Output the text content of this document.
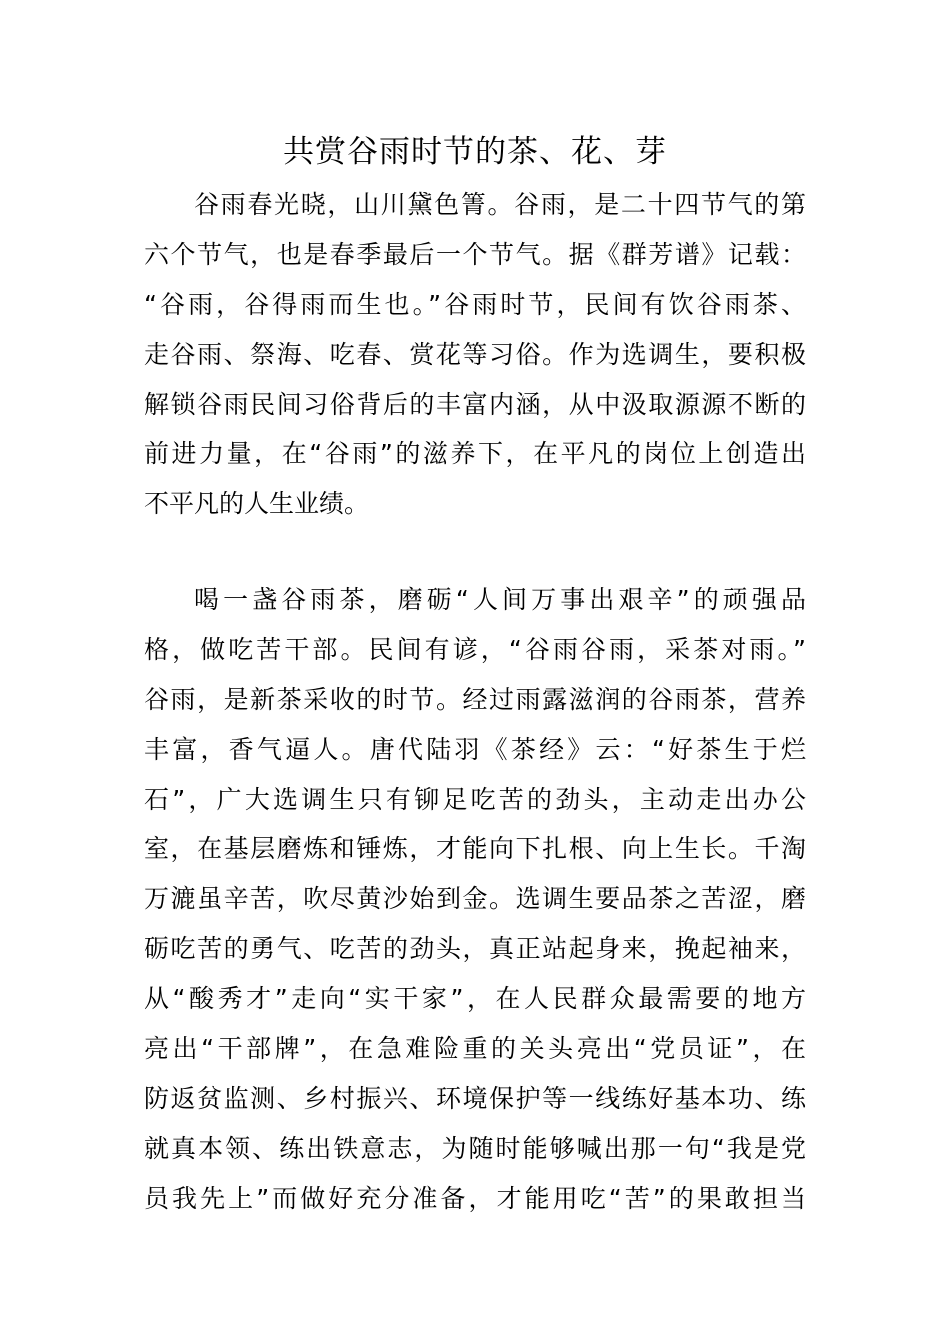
共赏谷雨时节的茶、花、芽
谷雨春光晓，山川黛色箐。谷雨，是二十四节气的第
六个节气，也是春季最后一个节气。据《群芳谱》记载：
“谷雨，谷得雨而生也。”谷雨时节，民间有饮谷雨茶、
走谷雨、祭海、吃春、赏花等习俗。作为选调生，要积极
解锁谷雨民间习俗背后的丰富内涵，从中汲取源源不断的
前进力量，在“谷雨”的滋养下，在平凡的岗位上创造出
不平凡的人生业绩。
喝一盏谷雨茶，磨砺“人间万事出艰辛”的顽强品
格，做吃苦干部。民间有谚，“谷雨谷雨，采茶对雨。”
谷雨，是新茶采收的时节。经过雨露滋润的谷雨茶，营养
丰富，香气逼人。唐代陆羽《茶经》云：“好茶生于烂
石”，广大选调生只有铆足吃苦的劲头，主动走出办公
室，在基层磨炼和锤炼，才能向下扎根、向上生长。千淘
万漉虽辛苦，吹尽黄沙始到金。选调生要品茶之苦涩，磨
砺吃苦的勇气、吃苦的劲头，真正站起身来，挽起袖来，
从“酸秀才”走向“实干家”，在人民群众最需要的地方
亮出“干部牌”，在急难险重的关头亮出“党员证”，在
防返贫监测、乡村振兴、环境保护等一线练好基本功、练
就真本领、练出铁意志，为随时能够喊出那一句“我是党
员我先上”而做好充分准备，才能用吃“苦”的果敢担当
